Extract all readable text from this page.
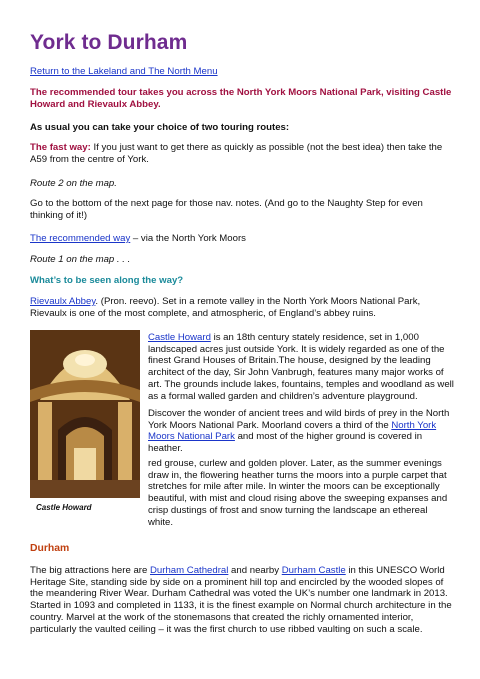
York to Durham
Return to the Lakeland and The North Menu
The recommended tour takes you across the North York Moors National Park, visiting Castle Howard and Rievaulx Abbey.
As usual you can take your choice of two touring routes:
The fast way: If you just want to get there as quickly as possible (not the best idea) then take the A59 from the centre of York.
Route 2 on the map.
Go to the bottom of the next page for those nav. notes. (And go to the Naughty Step for even thinking of it!)
The recommended way – via the North York Moors
Route 1 on the map . . .
What’s to be seen along the way?
Rievaulx Abbey. (Pron. reevo). Set in a remote valley in the North York Moors National Park, Rievaulx is one of the most complete, and atmospheric, of England’s abbey ruins.
Castle Howard
Castle Howard is an 18th century stately residence, set in 1,000 landscaped acres just outside York. It is widely regarded as one of the finest Grand Houses of Britain.The house, designed by the leading architect of the day, Sir John Vanbrugh, features many major works of art. The grounds include lakes, fountains, temples and woodland as well as a formal walled garden and children’s adventure playground.
Discover the wonder of ancient trees and wild birds of prey in the North York Moors National Park. Moorland covers a third of the North York Moors National Park and most of the higher ground is covered in heather.
red grouse, curlew and golden plover. Later, as the summer evenings draw in, the flowering heather turns the moors into a purple carpet that stretches for mile after mile. In winter the moors can be exceptionally beautiful, with mist and cloud rising above the sweeping expanses and crisp dustings of frost and snow turning the landscape an ethereal white.
Durham
The big attractions here are Durham Cathedral and nearby Durham Castle in this UNESCO World Heritage Site, standing side by side on a prominent hill top and encircled by the wooded slopes of the meandering River Wear. Durham Cathedral was voted the UK’s number one landmark in 2013. Started in 1093 and completed in 1133, it is the finest example on Normal church architecture in the country. Marvel at the work of the stonemasons that created the richly ornamented interior, particularly the vaulted ceiling – it was the first church to use ribbed vaulting on such a scale.
